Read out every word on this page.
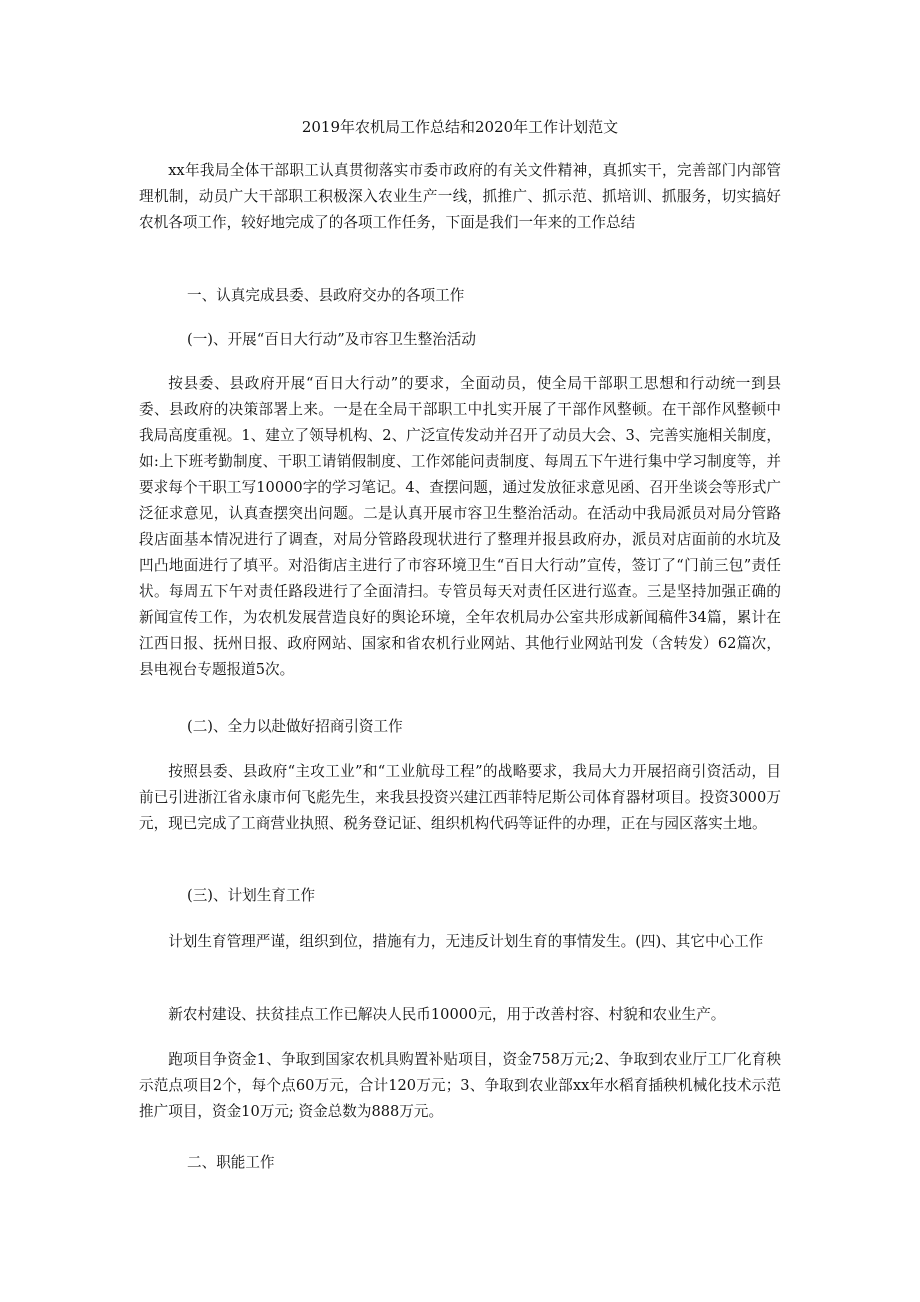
2019年农机局工作总结和2020年工作计划范文

xx年我局全体干部职工认真贯彻落实市委市政府的有关文件精神，真抓实干，完善部门内部管理机制，动员广大干部职工积极深入农业生产一线，抓推广、抓示范、抓培训、抓服务，切实搞好农机各项工作，较好地完成了的各项工作任务，下面是我们一年来的工作总结

一、认真完成县委、县政府交办的各项工作

(一)、开展“百日大行动”及市容卫生整治活动

按县委、县政府开展“百日大行动”的要求，全面动员，使全局干部职工思想和行动统一到县委、县政府的决策部署上来。一是在全局干部职工中扎实开展了干部作风整顿。在干部作风整顿中我局高度重视。1、建立了领导机构、2、广泛宣传发动并召开了动员大会、3、完善实施相关制度，如:上下班考勤制度、干职工请销假制度、工作郊能问责制度、每周五下午进行集中学习制度等，并要求每个干职工写10000字的学习笔记。4、查摆问题，通过发放征求意见函、召开坐谈会等形式广泛征求意见，认真查摆突出问题。二是认真开展市容卫生整治活动。在活动中我局派员对局分管路段店面基本情况进行了调查，对局分管路段现状进行了整理并报县政府办，派员对店面前的水坑及凹凸地面进行了填平。对沿街店主进行了市容环境卫生“百日大行动”宣传，签订了“门前三包”责任状。每周五下午对责任路段进行了全面清扫。专管员每天对责任区进行巡查。三是坚持加强正确的新闻宣传工作，为农机发展营造良好的舆论环境，全年农机局办公室共形成新闻稿件34篇，累计在江西日报、抚州日报、政府网站、国家和省农机行业网站、其他行业网站刊发（含转发）62篇次，县电视台专题报道5次。

(二)、全力以赴做好招商引资工作

按照县委、县政府“主攻工业”和“工业航母工程”的战略要求，我局大力开展招商引资活动，目前已引进浙江省永康市何飞彪先生，来我县投资兴建江西菲特尼斯公司体育器材项目。投资3000万元，现已完成了工商营业执照、税务登记证、组织机构代码等证件的办理，正在与园区落实土地。

(三)、计划生育工作

计划生育管理严谨，组织到位，措施有力，无违反计划生育的事情发生。(四)、其它中心工作

新农村建设、扶贫挂点工作已解决人民币10000元，用于改善村容、村貌和农业生产。

跑项目争资金1、争取到国家农机具购置补贴项目，资金758万元;2、争取到农业厅工厂化育秧示范点项目2个，每个点60万元，合计120万元；3、争取到农业部xx年水稻育插秧机械化技术示范推广项目，资金10万元; 资金总数为888万元。

二、职能工作
